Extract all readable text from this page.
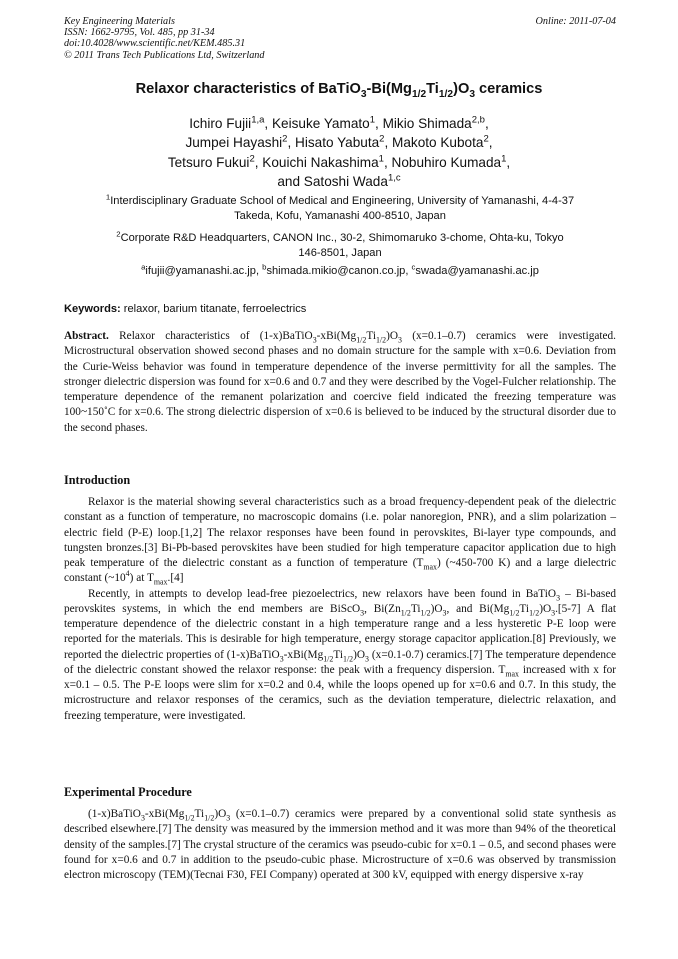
Key Engineering Materials
ISSN: 1662-9795, Vol. 485, pp 31-34
doi:10.4028/www.scientific.net/KEM.485.31
© 2011 Trans Tech Publications Ltd, Switzerland
Online: 2011-07-04
Relaxor characteristics of $BaTiO_3-Bi(Mg_{1/2}Ti_{1/2})O_3$ ceramics
Ichiro Fujii$^{1,a}$, Keisuke Yamato$^1$, Mikio Shimada$^{2,b}$,
Jumpei Hayashi$^2$, Hisato Yabuta$^2$, Makoto Kubota$^2$,
Tetsuro Fukui$^2$, Kouichi Nakashima$^1$, Nobuhiro Kumada$^1$,
and Satoshi Wada$^{1,c}$
$^1$Interdisciplinary Graduate School of Medical and Engineering, University of Yamanashi, 4-4-37
Takeda, Kofu, Yamanashi 400-8510, Japan
$^2$Corporate R&D Headquarters, CANON Inc., 30-2, Shimomaruko 3-chome, Ohta-ku, Tokyo
146-8501, Japan
$^a$ifujii@yamanashi.ac.jp, $^b$shimada.mikio@canon.co.jp, $^c$swada@yamanashi.ac.jp
Keywords: relaxor, barium titanate, ferroelectrics

Abstract. Relaxor characteristics of $(1-x)BaTiO_3-xBi(Mg_{1/2}Ti_{1/2})O_3$ (x=0.1–0.7) ceramics were investigated. Microstructural observation showed second phases and no domain structure for the sample with x=0.6. Deviation from the Curie-Weiss behavior was found in temperature dependence of the inverse permittivity for all the samples. The stronger dielectric dispersion was found for x=0.6 and 0.7 and they were described by the Vogel-Fulcher relationship. The temperature dependence of the remanent polarization and coercive field indicated the freezing temperature was 100~150˚C for x=0.6. The strong dielectric dispersion of x=0.6 is believed to be induced by the structural disorder due to the second phases.

Introduction

Relaxor is the material showing several characteristics such as a broad frequency-dependent peak of the dielectric constant as a function of temperature, no macroscopic domains (i.e. polar nanoregion, PNR), and a slim polarization – electric field (P-E) loop.[1,2] The relaxor responses have been found in perovskites, Bi-layer type compounds, and tungsten bronzes.[3] Bi-Pb-based perovskites have been studied for high temperature capacitor application due to high peak temperature of the dielectric constant as a function of temperature $(T_{max})$ (~450-700 K) and a large dielectric constant $(\sim 10^4)$ at $T_{max}.[4]$

Recently, in attempts to develop lead-free piezoelectrics, new relaxors have been found in BaTiO$_3$ – Bi-based perovskites systems, in which the end members are BiScO$_3$, $Bi(Zn_{1/2}Ti_{1/2})O_3$, and $Bi(Mg_{1/2}Ti_{1/2})O_3.[5-7]$ A flat temperature dependence of the dielectric constant in a high temperature range and a less hysteretic P-E loop were reported for the materials. This is desirable for high temperature, energy storage capacitor application.[8] Previously, we reported the dielectric properties of $(1-x)BaTiO_3-xBi(Mg_{1/2}Ti_{1/2})O_3$ (x=0.1-0.7) ceramics.[7] The temperature dependence of the dielectric constant showed the relaxor response: the peak with a frequency dispersion. $T_{max}$ increased with x for x=0.1 – 0.5. The P-E loops were slim for x=0.2 and 0.4, while the loops opened up for x=0.6 and 0.7. In this study, the microstructure and relaxor responses of the ceramics, such as the deviation temperature, dielectric relaxation, and freezing temperature, were investigated.

Experimental Procedure

$(1-x)BaTiO_3-xBi(Mg_{1/2}Ti_{1/2})O_3$ (x=0.1–0.7) ceramics were prepared by a conventional solid state synthesis as described elsewhere.[7] The density was measured by the immersion method and it was more than 94% of the theoretical density of the samples.[7] The crystal structure of the ceramics was pseudo-cubic for x=0.1 – 0.5, and second phases were found for x=0.6 and 0.7 in addition to the pseudo-cubic phase. Microstructure of x=0.6 was observed by transmission electron microscopy (TEM)(Tecnai F30, FEI Company) operated at 300 kV, equipped with energy dispersive x-ray
